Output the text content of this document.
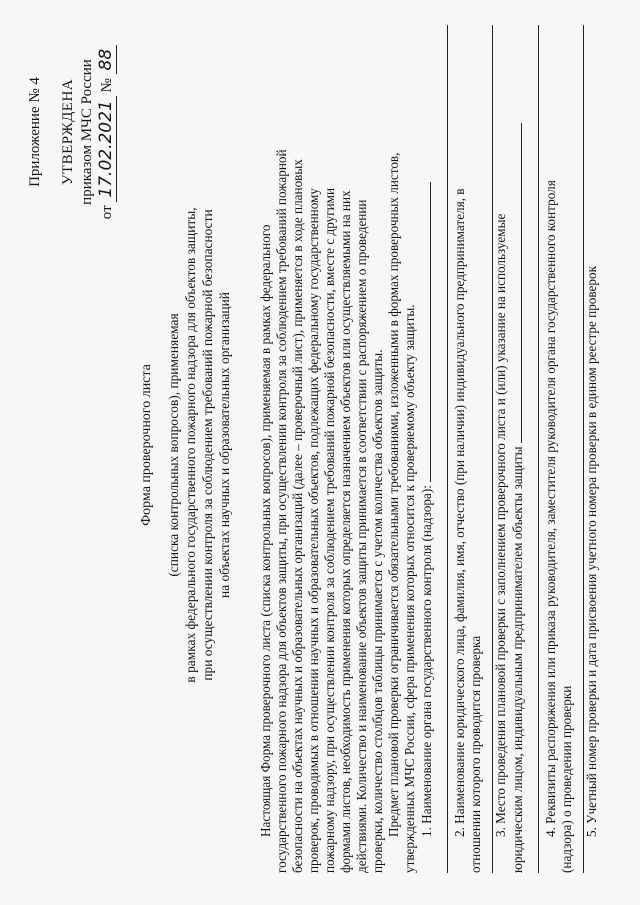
Приложение № 4 УТВЕРЖДЕНА приказом МЧС России
от 17.02.2021 № 88
Форма проверочного листа (списка контрольных вопросов), применяемая в рамках федерального государственного пожарного надзора для объектов защиты, при осуществлении контроля за соблюдением требований пожарной безопасности на объектах научных и образовательных организаций Настоящая Форма проверочного листа (списка контрольных вопросов), применяемая в рамках федерального государственного пожарного надзора для объектов защиты, при осуществлении контроля за соблюдением требований пожарной безопасности на объектах научных и образовательных организаций (далее – проверочный лист), применяется в ходе плановых проверок, проводимых в отношении научных и образовательных объектов, подлежащих федеральному государственному пожарному надзору, при осуществлении контроля за соблюдением требований пожарной безопасности, вместе с другими формами листов, необходимость применения которых определяется назначением объектов или осуществляемыми на них действиями. Количество и наименование объектов защиты принимается в соответствии с распоряжением о проведении проверки, количество столбцов таблицы принимается с учетом количества объектов защиты. Предмет плановой проверки ограничивается обязательными требованиями, изложенными в формах проверочных листов, утвержденных МЧС России, сфера применения которых относится к проверяемому объекту защиты. 1. Наименование органа государственного контроля (надзора): 2. Наименование юридического лица, фамилия, имя, отчество (при наличии) индивидуального предпринимателя, в отношении которого проводится проверка 3. Место проведения плановой проверки с заполнением проверочного листа и (или) указание на используемые юридическим лицом, индивидуальным предпринимателем объекты защиты 4. Реквизиты распоряжения или приказа руководителя, заместителя руководителя органа государственного контроля (надзора) о проведении проверки 5. Учетный номер проверки и дата присвоения учетного номера проверки в едином реестре проверок
